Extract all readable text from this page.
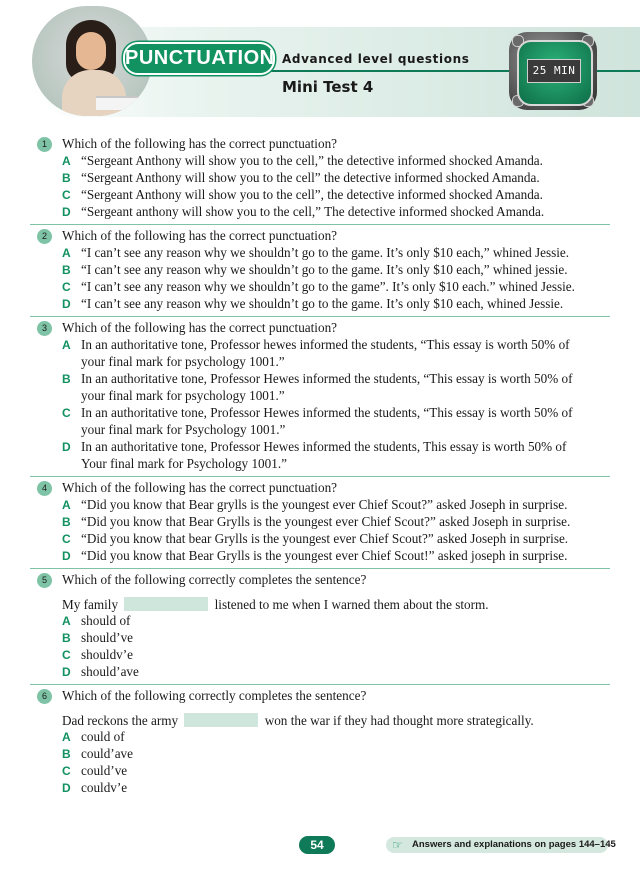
PUNCTUATION Advanced level questions
Mini Test 4
25 MIN
1	Which of the following has the correct punctuation?
A “Sergeant Anthony will show you to the cell,” the detective informed shocked Amanda.
B “Sergeant Anthony will show you to the cell” the detective informed shocked Amanda.
C “Sergeant Anthony will show you to the cell”, the detective informed shocked Amanda.
D “Sergeant anthony will show you to the cell,” The detective informed shocked Amanda.
2	Which of the following has the correct punctuation?
A “I can’t see any reason why we shouldn’t go to the game. It’s only $10 each,” whined Jessie.
B “I can’t see any reason why we shouldn’t go to the game. It’s only $10 each,” whined jessie.
C “I can’t see any reason why we shouldn’t go to the game”. It’s only $10 each.” whined Jessie.
D “I can’t see any reason why we shouldn’t go to the game. It’s only $10 each, whined Jessie.
3	Which of the following has the correct punctuation?
A In an authoritative tone, Professor hewes informed the students, “This essay is worth 50% of
your final mark for psychology 1001.”
B In an authoritative tone, Professor Hewes informed the students, “This essay is worth 50% of
your final mark for psychology 1001.”
C In an authoritative tone, Professor Hewes informed the students, “This essay is worth 50% of
your final mark for Psychology 1001.”
D In an authoritative tone, Professor Hewes informed the students, This essay is worth 50% of
Your final mark for Psychology 1001.”
4	Which of the following has the correct punctuation?
A “Did you know that Bear grylls is the youngest ever Chief Scout?” asked Joseph in surprise.
B “Did you know that Bear Grylls is the youngest ever Chief Scout?” asked Joseph in surprise.
C “Did you know that bear Grylls is the youngest ever Chief Scout?” asked Joseph in surprise.
D “Did you know that Bear Grylls is the youngest ever Chief Scout!” asked joseph in surprise.
5	Which of the following correctly completes the sentence?
My family	listened to me when I warned them about the storm.
A should of
B should’ve
C shouldv’e
D should’ave
6	Which of the following correctly completes the sentence?
Dad reckons the army	won the war if they had thought more strategically.
A could of
B could’ave
C could’ve
D couldv’e
54	☞ Answers and explanations on pages 144–145
